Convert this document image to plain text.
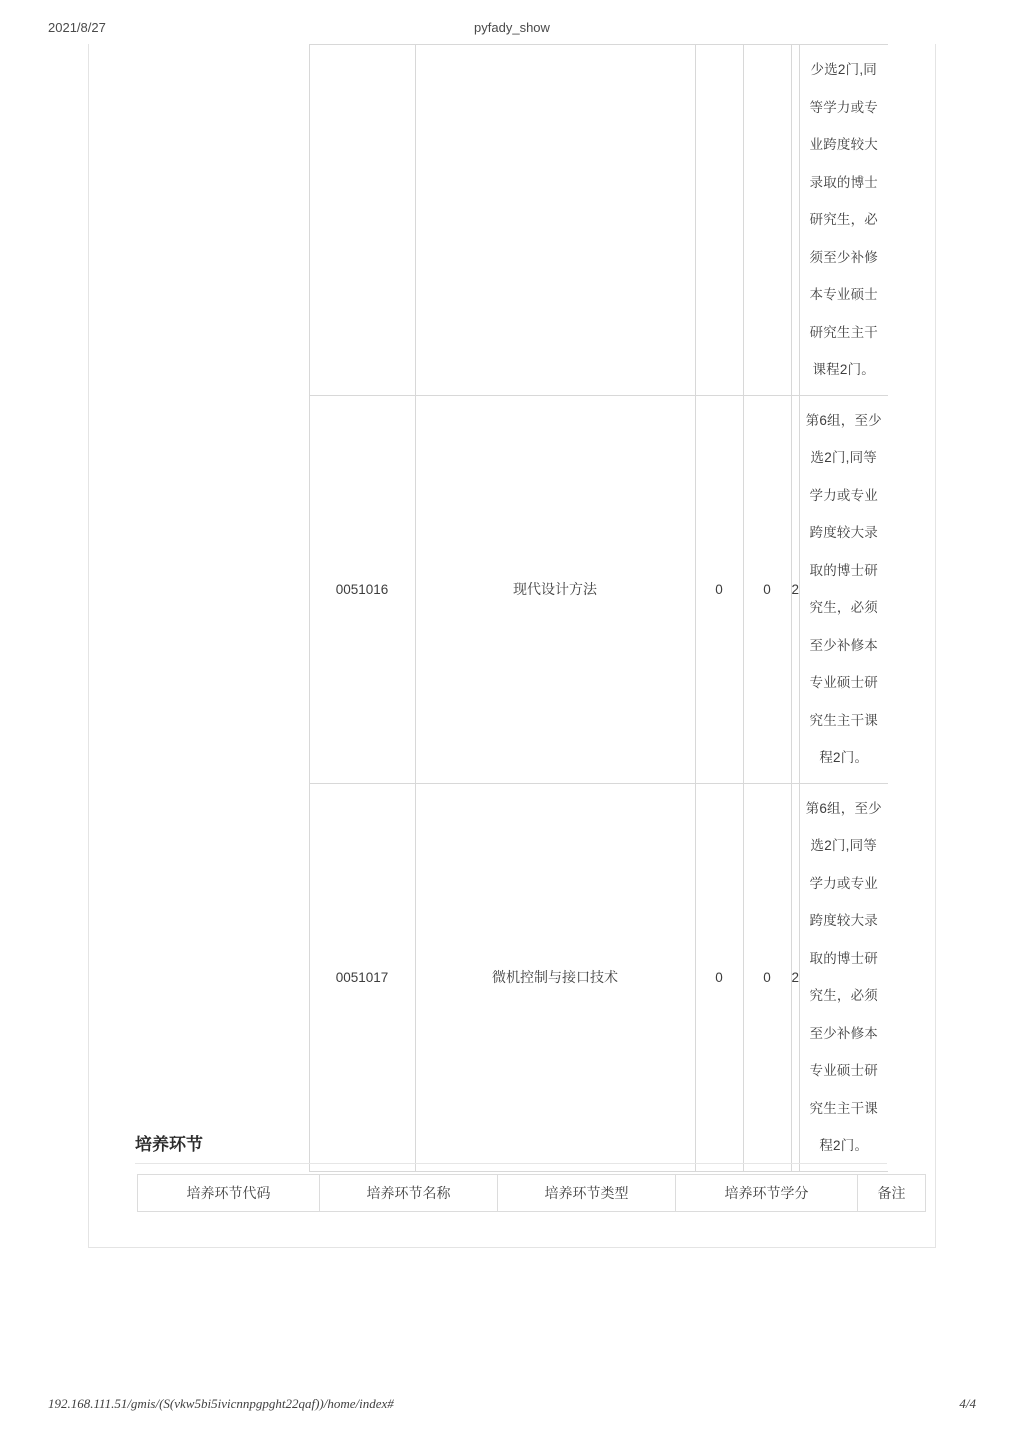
2021/8/27	pyfady_show
						少选2门,同等学力或专业跨度较大录取的博士研究生，必须至少补修本专业硕士研究生主干课程2门。
	0051016	现代设计方法	0	0	2	第6组，至少选2门,同等学力或专业跨度较大录取的博士研究生，必须至少补修本专业硕士研究生主干课程2门。
	0051017	微机控制与接口技术	0	0	2	第6组，至少选2门,同等学力或专业跨度较大录取的博士研究生，必须至少补修本专业硕士研究生主干课程2门。
培养环节
培养环节代码	培养环节名称	培养环节类型	培养环节学分	备注
192.168.111.51/gmis/(S(vkw5bi5ivicnnpgpght22qaf))/home/index#	4/4
